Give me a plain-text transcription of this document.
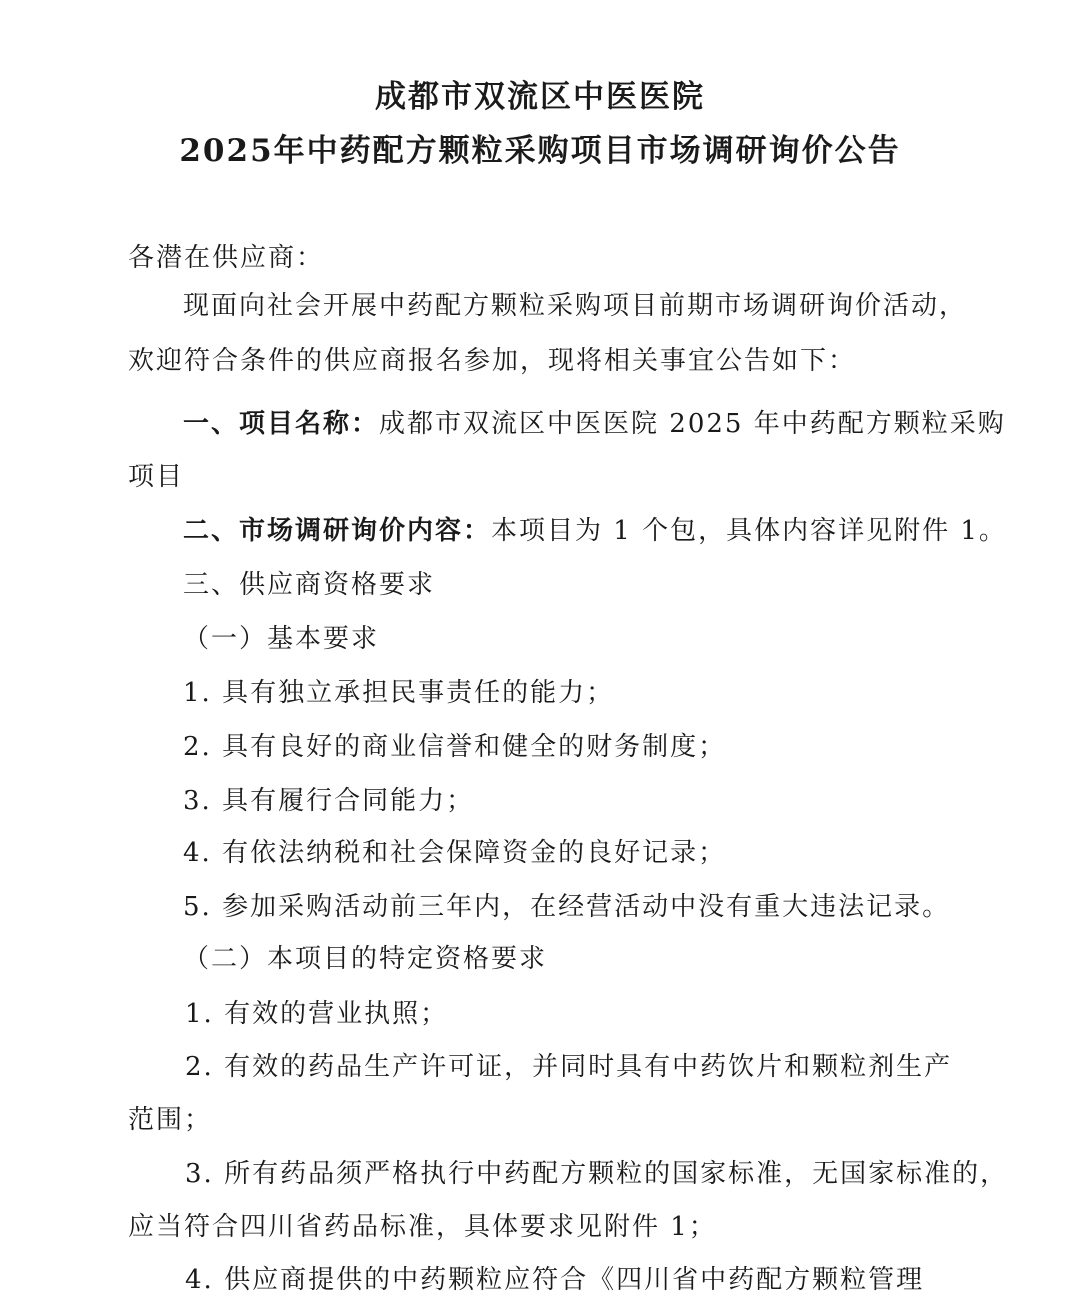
成都市双流区中医医院
2025年中药配方颗粒采购项目市场调研询价公告
各潜在供应商：
现面向社会开展中药配方颗粒采购项目前期市场调研询价活动，
欢迎符合条件的供应商报名参加，现将相关事宜公告如下：
一、项目名称：成都市双流区中医医院 2025 年中药配方颗粒采购
项目
二、市场调研询价内容：本项目为 1 个包，具体内容详见附件 1。
三、供应商资格要求
（一）基本要求
1. 具有独立承担民事责任的能力；
2. 具有良好的商业信誉和健全的财务制度；
3. 具有履行合同能力；
4. 有依法纳税和社会保障资金的良好记录；
5. 参加采购活动前三年内，在经营活动中没有重大违法记录。
（二）本项目的特定资格要求
1. 有效的营业执照；
2. 有效的药品生产许可证，并同时具有中药饮片和颗粒剂生产
范围；
3. 所有药品须严格执行中药配方颗粒的国家标准，无国家标准的，
应当符合四川省药品标准，具体要求见附件 1；
4. 供应商提供的中药颗粒应符合《四川省中药配方颗粒管理
